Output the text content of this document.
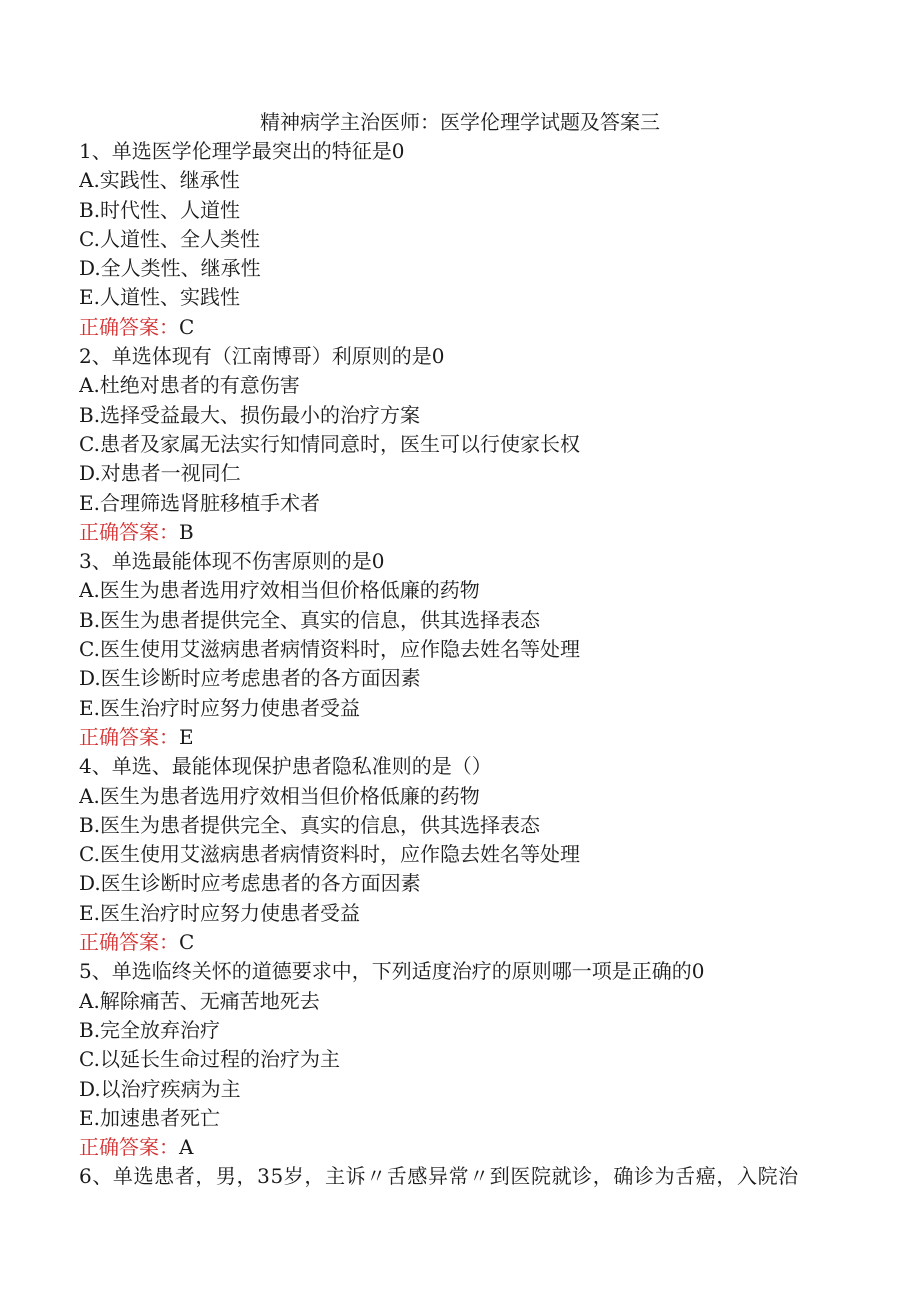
精神病学主治医师：医学伦理学试题及答案三
1、单选医学伦理学最突出的特征是0
A.实践性、继承性
B.时代性、人道性
C.人道性、全人类性
D.全人类性、继承性
E.人道性、实践性
正确答案：C
2、单选体现有（江南博哥）利原则的是0
A.杜绝对患者的有意伤害
B.选择受益最大、损伤最小的治疗方案
C.患者及家属无法实行知情同意时，医生可以行使家长权
D.对患者一视同仁
E.合理筛选肾脏移植手术者
正确答案：B
3、单选最能体现不伤害原则的是0
A.医生为患者选用疗效相当但价格低廉的药物
B.医生为患者提供完全、真实的信息，供其选择表态
C.医生使用艾滋病患者病情资料时，应作隐去姓名等处理
D.医生诊断时应考虑患者的各方面因素
E.医生治疗时应努力使患者受益
正确答案：E
4、单选、最能体现保护患者隐私准则的是（）
A.医生为患者选用疗效相当但价格低廉的药物
B.医生为患者提供完全、真实的信息，供其选择表态
C.医生使用艾滋病患者病情资料时，应作隐去姓名等处理
D.医生诊断时应考虑患者的各方面因素
E.医生治疗时应努力使患者受益
正确答案：C
5、单选临终关怀的道德要求中，下列适度治疗的原则哪一项是正确的0
A.解除痛苦、无痛苦地死去
B.完全放弃治疗
C.以延长生命过程的治疗为主
D.以治疗疾病为主
E.加速患者死亡
正确答案：A
6、单选患者，男，35岁，主诉〃舌感异常〃到医院就诊，确诊为舌癌，入院治
